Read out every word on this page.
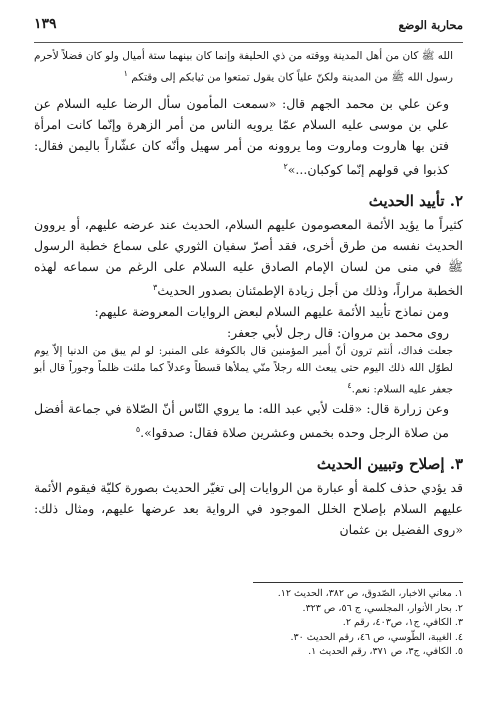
محاربة الوضع
١٣٩

الله ﷺ كان من أهل المدينة ووقته من ذي الحليفة وإنما كان بينهما ستة أميال ولو كان فضلاً لأحرم رسول الله ﷺ من المدينة ولكنّ علياً كان يقول تمتعوا من ثيابكم إلى وقتكم $^١$

وعن علي بن محمد الجهم قال: «سمعت المأمون سأل الرضا عليه السلام عن علي بن موسى عليه السلام عمّا يرويه الناس من أمر الزهرة وإنّما كانت امرأة فتن بها هاروت وماروت وما يروونه من أمر سهيل وأنّه كان عشّاراً باليمن فقال: كذبوا في قولهم إنّما كوكبان...»$^٢$

٢. تأييد الحديث

كثيراً ما يؤيد الأئمة المعصومون عليهم السلام، الحديث عند عرضه عليهم، أو يروون الحديث نفسه من طرق أخرى، فقد أصرّ سفيان الثوري على سماع خطبة الرسول ﷺ في منى من لسان الإمام الصادق عليه السلام على الرغم من سماعه لهذه الخطبة مراراً، وذلك من أجل زيادة الإطمئنان بصدور الحديث$^٣$

ومن نماذج تأييد الأئمة عليهم السلام لبعض الروايات المعروضة عليهم:

روى محمد بن مروان: قال رجل لأبي جعفر:

جعلت فداك، أنتم ترون أنّ أمير المؤمنين قال بالكوفة على المنبر: لو لم يبق من الدنيا إلاّ يوم لطوّل الله ذلك اليوم حتى يبعث الله رجلاً منّي يملأها قسطاً وعدلاً كما ملئت ظلماً وجوراً قال أبو جعفر عليه السلام: نعم.$^٤$

وعن زرارة قال: «قلت لأبي عبد الله: ما يروي النّاس أنّ الصّلاة في جماعة أفضل من صلاة الرجل وحده بخمس وعشرين صلاة فقال: صدقوا».$^٥$

٣. إصلاح وتبيين الحديث

قد يؤدي حذف كلمة أو عبارة من الروايات إلى تغيّر الحديث بصورة كليّة فيقوم الأئمة عليهم السلام بإصلاح الخلل الموجود في الرواية بعد عرضها عليهم، ومثال ذلك: «روى الفضيل بن عثمان

١. معاني الاخبار، الصّدوق، ص ٣٨٢، الحديث ١٢.
٢. بحار الأنوار، المجلسي، ج ٥٦، ص ٣٢٣.
٣. الكافي، ج١، ص٤٠٣، رقم ٢.
٤. الغيبة، الطّوسي، ص ٤٦، رقم الحديث ٣٠.
٥. الكافي، ج٣، ص ٣٧١، رقم الحديث ١.
